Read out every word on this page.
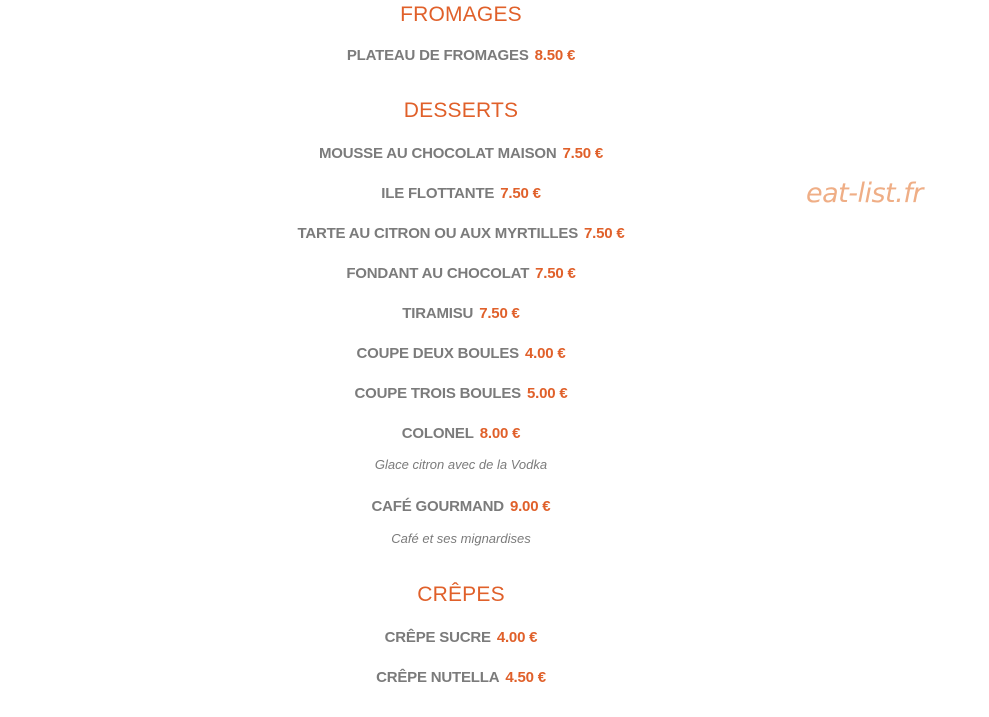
FROMAGES

PLATEAU DE FROMAGES 8.50 €

DESSERTS

MOUSSE AU CHOCOLAT MAISON 7.50 €

ILE FLOTTANTE 7.50 €

TARTE AU CITRON OU AUX MYRTILLES 7.50 €

FONDANT AU CHOCOLAT 7.50 €

TIRAMISU 7.50 €

COUPE DEUX BOULES 4.00 €

COUPE TROIS BOULES 5.00 €

COLONEL 8.00 €

Glace citron avec de la Vodka

CAFÉ GOURMAND 9.00 €

Café et ses mignardises

CRÊPES

CRÊPE SUCRE 4.00 €

CRÊPE NUTELLA 4.50 €

eat-list.fr
